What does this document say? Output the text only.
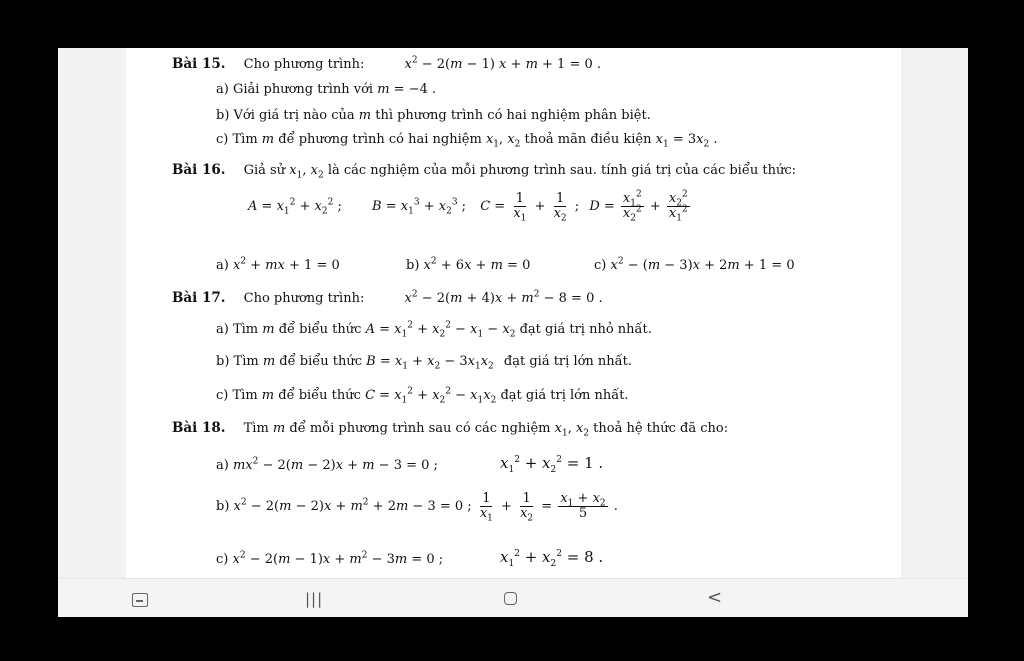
Bài 15. Cho phương trình:	$x^2 - 2(m - 1) x + m + 1 = 0$ .
a) Giải phương trình với m = −4 .
b) Với giá trị nào của m thì phương trình có hai nghiệm phân biệt.
c) Tìm m để phương trình có hai nghiệm $x_1$, $x_2$ thoả mãn điều kiện $x_1 = 3x_2$ .
Bài 16. Giả sử $x_1$, $x_2$ là các nghiệm của mỗi phương trình sau. tính giá trị của các biểu thức:
$A = x_1^2 + x_2^2$ ; $B = x_1^3 + x_2^3$ ; $C = \frac{1}{x_1} + \frac{1}{x_2}$ ; $D = \frac{x_1^2}{x_2^2} + \frac{x_2^2}{x_1^2}$
a) $x^2$ + mx + 1 = 0	b) $x^2 + 6x + m = 0$	c) $x^2 - (m - 3)x + 2m + 1 = 0$
Bài 17. Cho phương trình:	$x^2 - 2(m + 4)x + m^2 - 8 = 0$ .
a) Tìm m để biểu thức $A = x_1^2 + x_2^2 - x_1 - x_2$ đạt giá trị nhỏ nhất.
b) Tìm m để biểu thức $B = x_1 + x_2 - 3x_1x_2$ đạt giá trị lớn nhất.
c) Tìm m để biểu thức $C = x_1^2 + x_2^2 - x_1x_2$ đạt giá trị lớn nhất.
Bài 18. Tìm m để mỗi phương trình sau có các nghiệm $x_1$, $x_2$ thoả hệ thức đã cho:
a) $mx^2 - 2(m - 2)x + m - 3 = 0$ ;	$x_1^2 + x_2^2 = 1$ .
b) $x^2 - 2(m - 2)x + m^2 + 2m - 3 = 0$ ; $\frac{1}{x_1} + \frac{1}{x_2} = \frac{x_1 + x_2}{5}$ .
c) $x^2 - 2(m - 1)x + m^2 - 3m = 0$ ;	$x_1^2 + x_2^2 = 8$ .
|||	<
